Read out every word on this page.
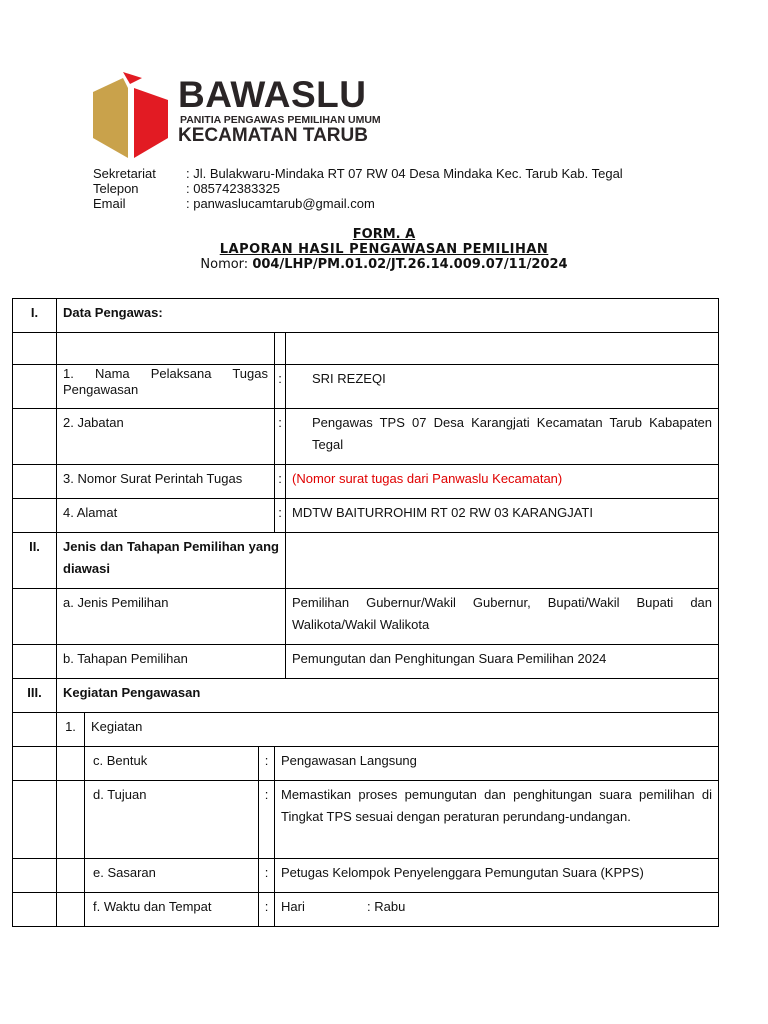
BAWASLU
PANITIA PENGAWAS PEMILIHAN UMUM
KECAMATAN TARUB
Sekretariat	: Jl. Bulakwaru-Mindaka RT 07 RW 04 Desa Mindaka Kec. Tarub Kab. Tegal
Telepon	: 085742383325
Email	: panwaslucamtarub@gmail.com
FORM. A
LAPORAN HASIL PENGAWASAN PEMILIHAN
Nomor: 004/LHP/PM.01.02/JT.26.14.009.07/11/2024
I.	Data Pengawas:				

	1. Nama Pelaksana Tugas Pengawasan			:	SRI REZEQI
	2. Jabatan			:	Pengawas TPS 07 Desa Karangjati Kecamatan Tarub Kabapaten Tegal
	3. Nomor Surat Perintah Tugas			:	(Nomor surat tugas dari Panwaslu Kecamatan)
	4. Alamat			:	MDTW BAITURROHIM RT 02 RW 03 KARANGJATI
II.	Jenis dan Tahapan Pemilihan yang diawasi				
	a. Jenis Pemilihan				Pemilihan Gubernur/Wakil Gubernur, Bupati/Wakil Bupati dan Walikota/Wakil Walikota
	b. Tahapan Pemilihan				Pemungutan dan Penghitungan Suara Pemilihan 2024
III.	Kegiatan Pengawasan				
	1.	Kegiatan			
		c. Bentuk	:	Pengawasan Langsung	
		d. Tujuan	:	Memastikan proses pemungutan dan penghitungan suara pemilihan di Tingkat TPS sesuai dengan peraturan perundang-undangan.	
		e. Sasaran	:	Petugas Kelompok Penyelenggara Pemungutan Suara (KPPS)	
		f. Waktu dan Tempat	:	Hari : Rabu	
